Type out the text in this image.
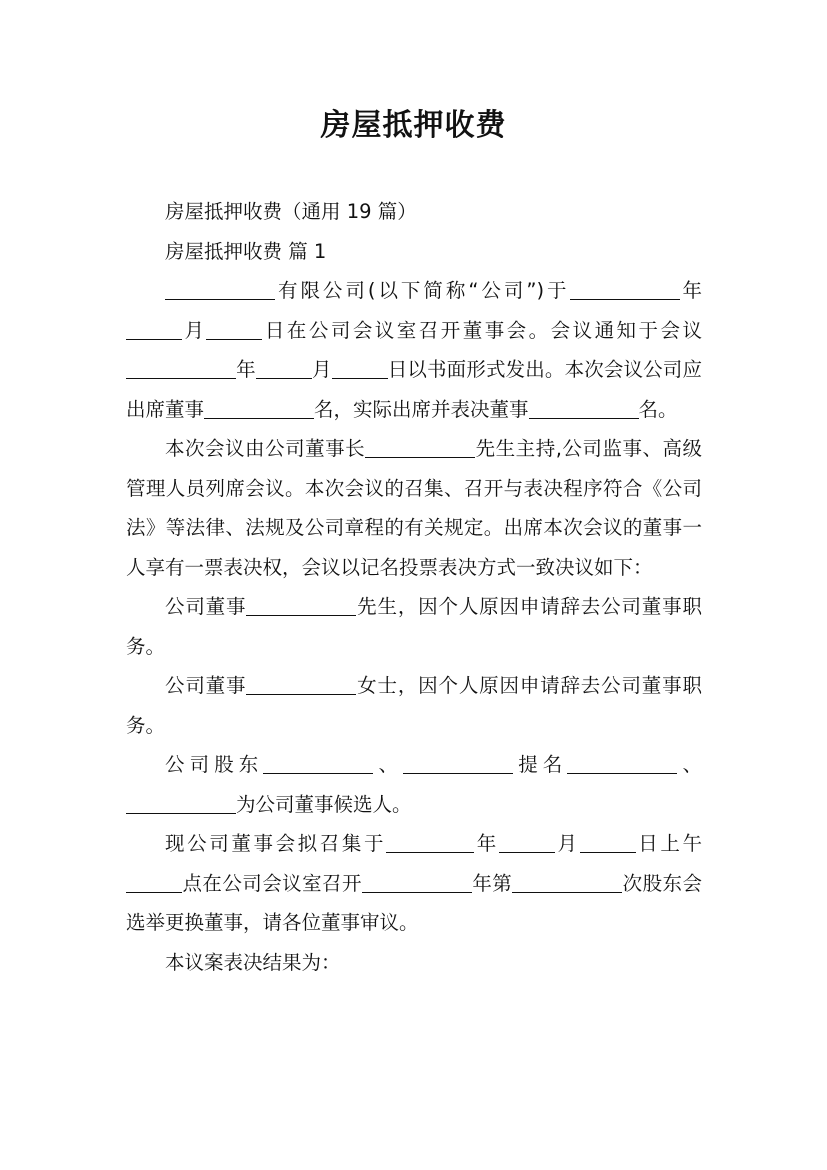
房屋抵押收费

房屋抵押收费（通用 19 篇）

房屋抵押收费 篇 1

有限公司(以下简称“公司”)于	年月	日在公司会议室召开董事会。会议通知于会议年	月	日以书面形式发出。本次会议公司应出席董事	名，实际出席并表决董事	名。

本次会议由公司董事长	先生主持,公司监事、高级管理人员列席会议。本次会议的召集、召开与表决程序符合《公司法》等法律、法规及公司章程的有关规定。出席本次会议的董事一人享有一票表决权，会议以记名投票表决方式一致决议如下：

公司董事	先生，因个人原因申请辞去公司董事职务。

公司董事	女士，因个人原因申请辞去公司董事职务。

公司股东	、	提名	、为公司董事候选人。

现公司董事会拟召集于	年	月	日上午点在公司会议室召开	年第	次股东会选举更换董事，请各位董事审议。

本议案表决结果为：
